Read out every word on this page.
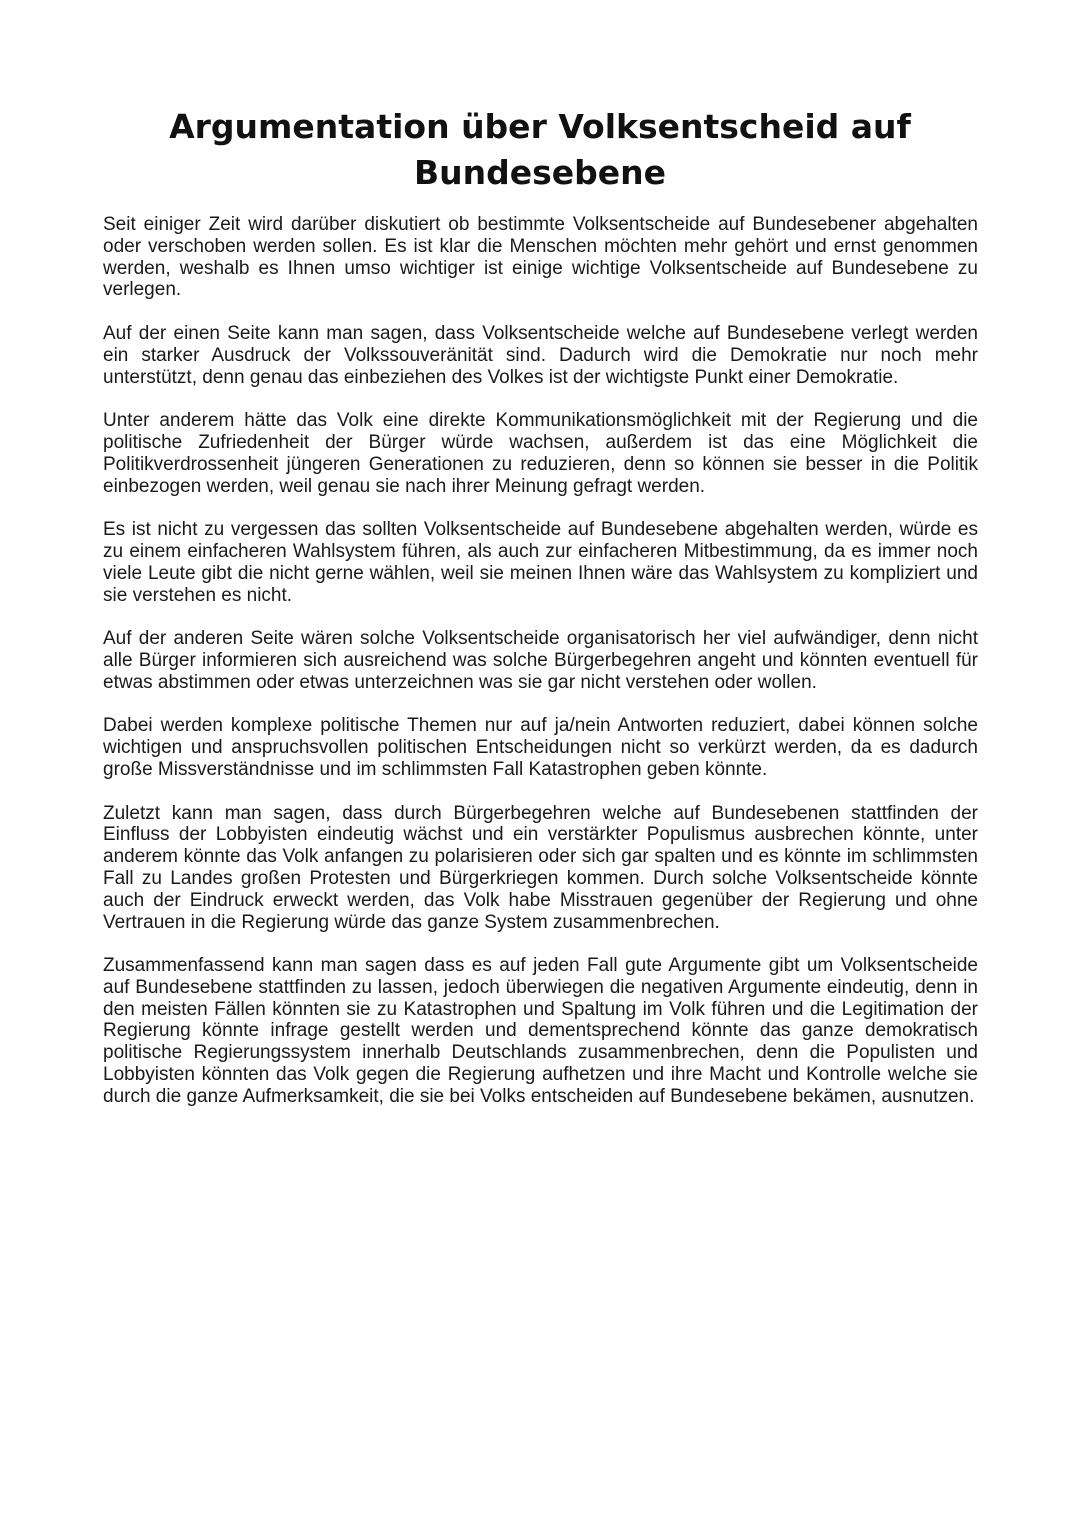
Argumentation über Volksentscheid auf Bundesebene

Seit einiger Zeit wird darüber diskutiert ob bestimmte Volksentscheide auf Bundesebener abgehalten oder verschoben werden sollen. Es ist klar die Menschen möchten mehr gehört und ernst genommen werden, weshalb es Ihnen umso wichtiger ist einige wichtige Volksentscheide auf Bundesebene zu verlegen.

Auf der einen Seite kann man sagen, dass Volksentscheide welche auf Bundesebene verlegt werden ein starker Ausdruck der Volkssouveränität sind. Dadurch wird die Demokratie nur noch mehr unterstützt, denn genau das einbeziehen des Volkes ist der wichtigste Punkt einer Demokratie.

Unter anderem hätte das Volk eine direkte Kommunikationsmöglichkeit mit der Regierung und die politische Zufriedenheit der Bürger würde wachsen, außerdem ist das eine Möglichkeit die Politikverdrossenheit jüngeren Generationen zu reduzieren, denn so können sie besser in die Politik einbezogen werden, weil genau sie nach ihrer Meinung gefragt werden.

Es ist nicht zu vergessen das sollten Volksentscheide auf Bundesebene abgehalten werden, würde es zu einem einfacheren Wahlsystem führen, als auch zur einfacheren Mitbestimmung, da es immer noch viele Leute gibt die nicht gerne wählen, weil sie meinen Ihnen wäre das Wahlsystem zu kompliziert und sie verstehen es nicht.

Auf der anderen Seite wären solche Volksentscheide organisatorisch her viel aufwändiger, denn nicht alle Bürger informieren sich ausreichend was solche Bürgerbegehren angeht und könnten eventuell für etwas abstimmen oder etwas unterzeichnen was sie gar nicht verstehen oder wollen.

Dabei werden komplexe politische Themen nur auf ja/nein Antworten reduziert, dabei können solche wichtigen und anspruchsvollen politischen Entscheidungen nicht so verkürzt werden, da es dadurch große Missverständnisse und im schlimmsten Fall Katastrophen geben könnte.

Zuletzt kann man sagen, dass durch Bürgerbegehren welche auf Bundesebenen stattfinden der Einfluss der Lobbyisten eindeutig wächst und ein verstärkter Populismus ausbrechen könnte, unter anderem könnte das Volk anfangen zu polarisieren oder sich gar spalten und es könnte im schlimmsten Fall zu Landes großen Protesten und Bürgerkriegen kommen. Durch solche Volksentscheide könnte auch der Eindruck erweckt werden, das Volk habe Misstrauen gegenüber der Regierung und ohne Vertrauen in die Regierung würde das ganze System zusammenbrechen.

Zusammenfassend kann man sagen dass es auf jeden Fall gute Argumente gibt um Volksentscheide auf Bundesebene stattfinden zu lassen, jedoch überwiegen die negativen Argumente eindeutig, denn in den meisten Fällen könnten sie zu Katastrophen und Spaltung im Volk führen und die Legitimation der Regierung könnte infrage gestellt werden und dementsprechend könnte das ganze demokratisch politische Regierungssystem innerhalb Deutschlands zusammenbrechen, denn die Populisten und Lobbyisten könnten das Volk gegen die Regierung aufhetzen und ihre Macht und Kontrolle welche sie durch die ganze Aufmerksamkeit, die sie bei Volks entscheiden auf Bundesebene bekämen, ausnutzen.
